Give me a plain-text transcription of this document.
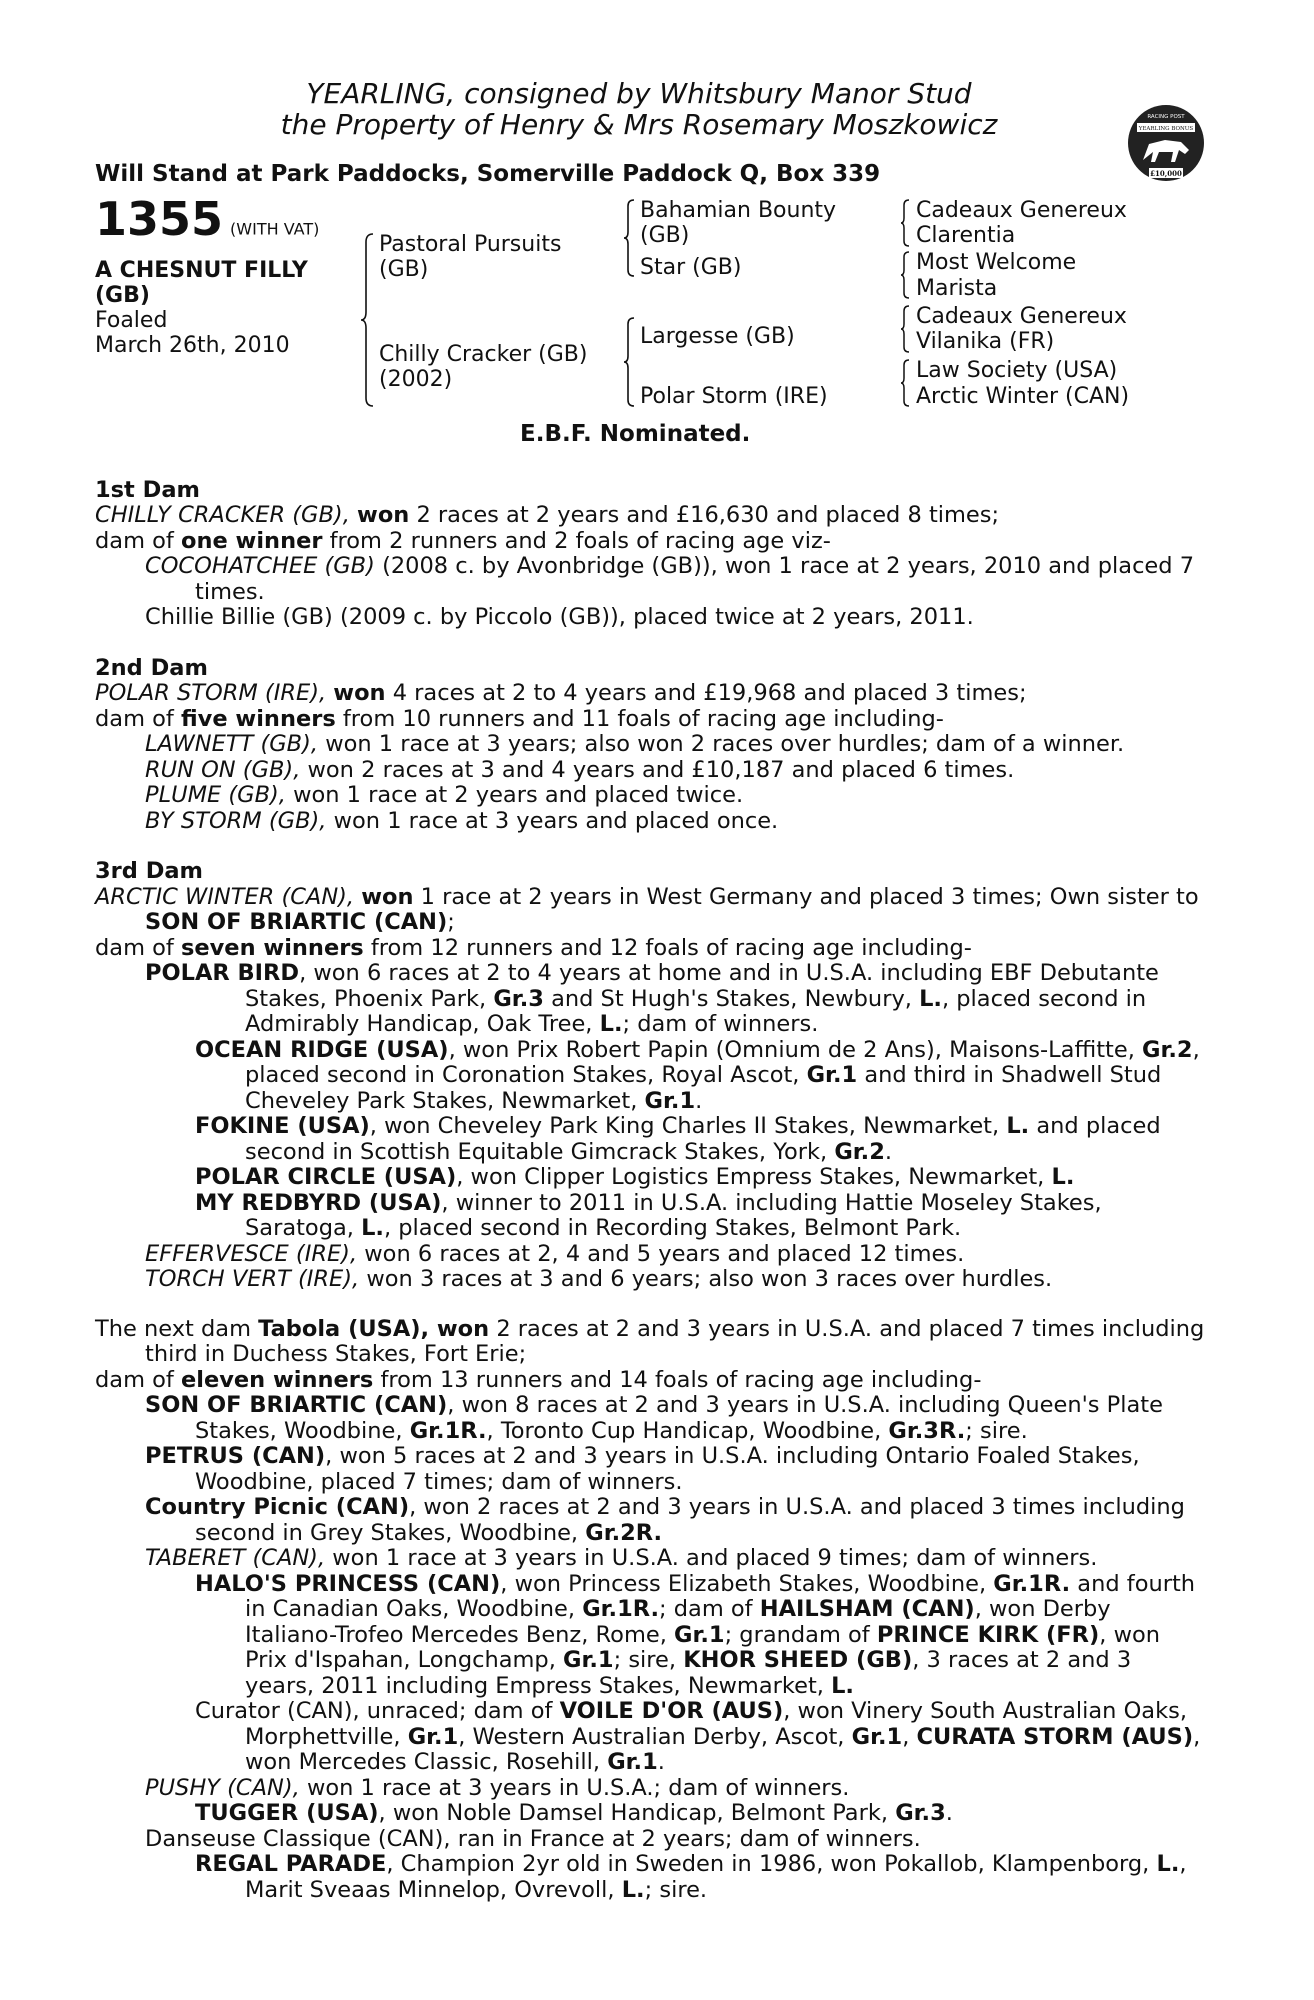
RACING POST
YEARLING BONUS
£10,000
YEARLING, consigned by Whitsbury Manor Stud
the Property of Henry & Mrs Rosemary Moszkowicz
Will Stand at Park Paddocks, Somerville Paddock Q, Box 339
1355 (WITH VAT)
A CHESNUT FILLY
(GB)
Foaled
March 26th, 2010
Pastoral Pursuits
(GB)
Chilly Cracker (GB)
(2002)
Bahamian Bounty
(GB)
Star (GB)
Largesse (GB)
Polar Storm (IRE)
Cadeaux Genereux
Clarentia
Most Welcome
Marista
Cadeaux Genereux
Vilanika (FR)
Law Society (USA)
Arctic Winter (CAN)
E.B.F. Nominated.
1st Dam

CHILLY CRACKER (GB), won 2 races at 2 years and £16,630 and placed 8 times;

dam of one winner from 2 runners and 2 foals of racing age viz-

COCOHATCHEE (GB) (2008 c. by Avonbridge (GB)), won 1 race at 2 years, 2010 and placed 7 times.

Chillie Billie (GB) (2009 c. by Piccolo (GB)), placed twice at 2 years, 2011.

2nd Dam

POLAR STORM (IRE), won 4 races at 2 to 4 years and £19,968 and placed 3 times;

dam of five winners from 10 runners and 11 foals of racing age including-

LAWNETT (GB), won 1 race at 3 years; also won 2 races over hurdles; dam of a winner.

RUN ON (GB), won 2 races at 3 and 4 years and £10,187 and placed 6 times.

PLUME (GB), won 1 race at 2 years and placed twice.

BY STORM (GB), won 1 race at 3 years and placed once.

3rd Dam

ARCTIC WINTER (CAN), won 1 race at 2 years in West Germany and placed 3 times; Own sister to SON OF BRIARTIC (CAN);

dam of seven winners from 12 runners and 12 foals of racing age including-

POLAR BIRD, won 6 races at 2 to 4 years at home and in U.S.A. including EBF Debutante Stakes, Phoenix Park, Gr.3 and St Hugh's Stakes, Newbury, L., placed second in Admirably Handicap, Oak Tree, L.; dam of winners.

OCEAN RIDGE (USA), won Prix Robert Papin (Omnium de 2 Ans), Maisons-Laffitte, Gr.2, placed second in Coronation Stakes, Royal Ascot, Gr.1 and third in Shadwell Stud Cheveley Park Stakes, Newmarket, Gr.1.

FOKINE (USA), won Cheveley Park King Charles II Stakes, Newmarket, L. and placed second in Scottish Equitable Gimcrack Stakes, York, Gr.2.

POLAR CIRCLE (USA), won Clipper Logistics Empress Stakes, Newmarket, L.

MY REDBYRD (USA), winner to 2011 in U.S.A. including Hattie Moseley Stakes, Saratoga, L., placed second in Recording Stakes, Belmont Park.

EFFERVESCE (IRE), won 6 races at 2, 4 and 5 years and placed 12 times.

TORCH VERT (IRE), won 3 races at 3 and 6 years; also won 3 races over hurdles.

The next dam Tabola (USA), won 2 races at 2 and 3 years in U.S.A. and placed 7 times including third in Duchess Stakes, Fort Erie;

dam of eleven winners from 13 runners and 14 foals of racing age including-

SON OF BRIARTIC (CAN), won 8 races at 2 and 3 years in U.S.A. including Queen's Plate Stakes, Woodbine, Gr.1R., Toronto Cup Handicap, Woodbine, Gr.3R.; sire.

PETRUS (CAN), won 5 races at 2 and 3 years in U.S.A. including Ontario Foaled Stakes, Woodbine, placed 7 times; dam of winners.

Country Picnic (CAN), won 2 races at 2 and 3 years in U.S.A. and placed 3 times including second in Grey Stakes, Woodbine, Gr.2R.

TABERET (CAN), won 1 race at 3 years in U.S.A. and placed 9 times; dam of winners.

HALO'S PRINCESS (CAN), won Princess Elizabeth Stakes, Woodbine, Gr.1R. and fourth in Canadian Oaks, Woodbine, Gr.1R.; dam of HAILSHAM (CAN), won Derby Italiano-Trofeo Mercedes Benz, Rome, Gr.1; grandam of PRINCE KIRK (FR), won Prix d'Ispahan, Longchamp, Gr.1; sire, KHOR SHEED (GB), 3 races at 2 and 3 years, 2011 including Empress Stakes, Newmarket, L.

Curator (CAN), unraced; dam of VOILE D'OR (AUS), won Vinery South Australian Oaks, Morphettville, Gr.1, Western Australian Derby, Ascot, Gr.1, CURATA STORM (AUS), won Mercedes Classic, Rosehill, Gr.1.

PUSHY (CAN), won 1 race at 3 years in U.S.A.; dam of winners.

TUGGER (USA), won Noble Damsel Handicap, Belmont Park, Gr.3.

Danseuse Classique (CAN), ran in France at 2 years; dam of winners.

REGAL PARADE, Champion 2yr old in Sweden in 1986, won Pokallob, Klampenborg, L., Marit Sveaas Minnelop, Ovrevoll, L.; sire.
